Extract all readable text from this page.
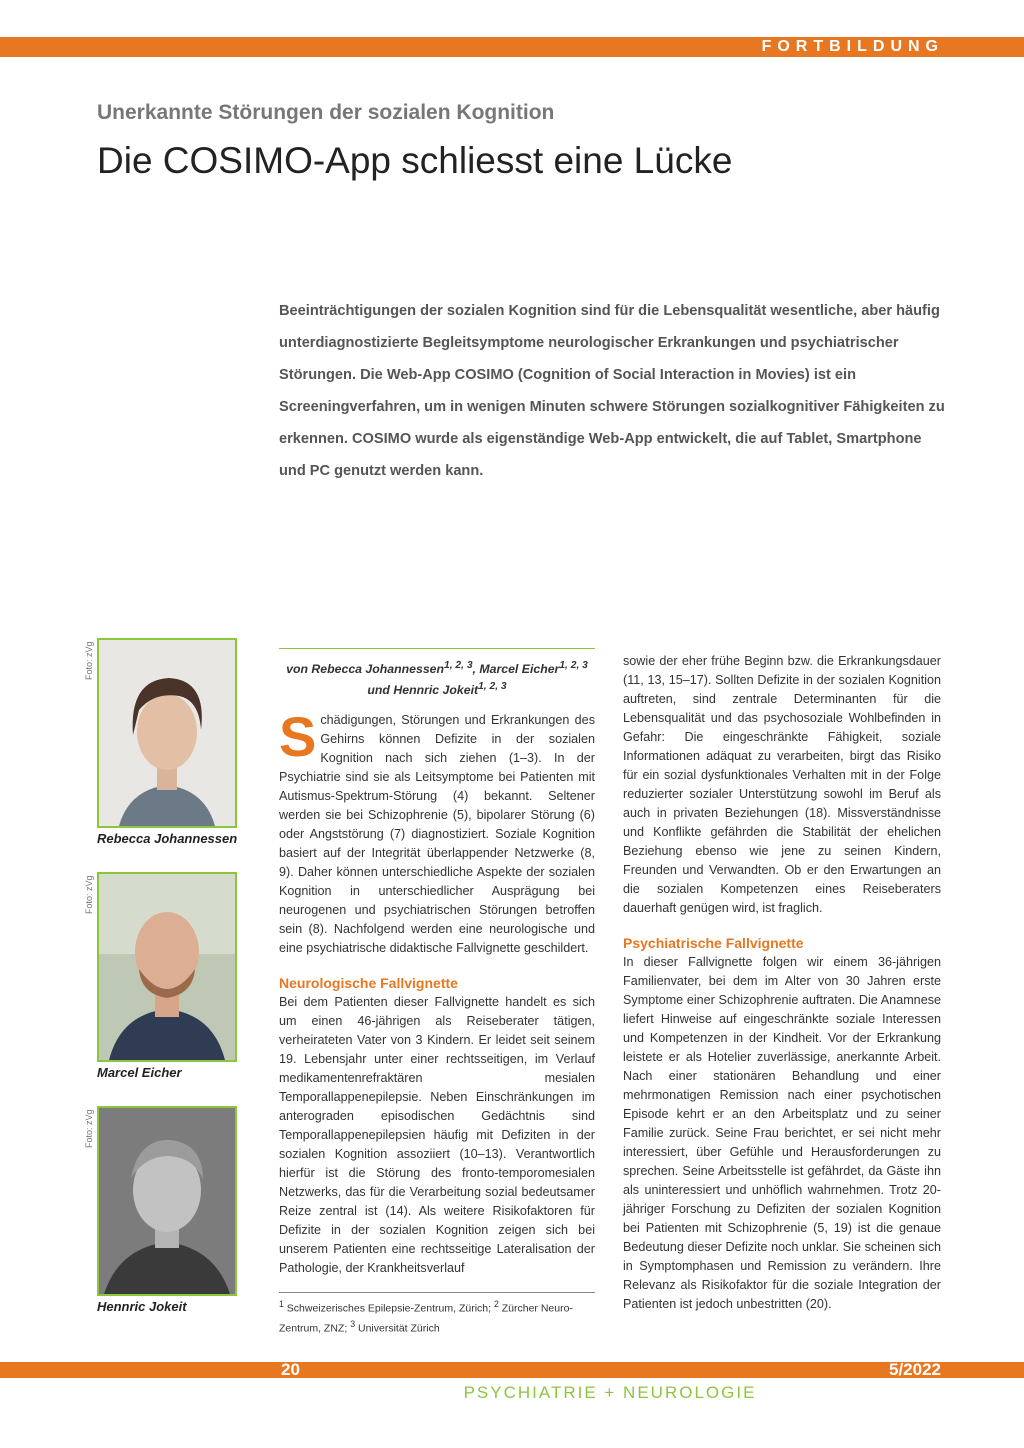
FORTBILDUNG
Unerkannte Störungen der sozialen Kognition
Die COSIMO-App schliesst eine Lücke

Beeinträchtigungen der sozialen Kognition sind für die Lebensqualität wesentliche, aber häufig unterdiagnostizierte Begleitsymptome neurologischer Erkrankungen und psychiatrischer Störungen. Die Web-App COSIMO (Cognition of Social Interaction in Movies) ist ein Screeningverfahren, um in wenigen Minuten schwere Störungen sozialkognitiver Fähigkeiten zu erkennen. COSIMO wurde als eigenständige Web-App entwickelt, die auf Tablet, Smartphone und PC genutzt werden kann.

Foto: zVg
Rebecca Johannessen
Foto: zVg
Marcel Eicher
Foto: zVg
Hennric Jokeit
von Rebecca Johannessen$^{1, 2, 3}$, Marcel Eicher$^{1, 2, 3}$
und Hennric Jokeit$^{1, 2, 3}$

Schädigungen, Störungen und Erkrankungen des Gehirns können Defizite in der sozialen Kognition nach sich ziehen (1–3). In der Psychiatrie sind sie als Leitsymptome bei Patienten mit Autismus-Spektrum-Störung (4) bekannt. Seltener werden sie bei Schizophrenie (5), bipolarer Störung (6) oder Angststörung (7) diagnostiziert. Soziale Kognition basiert auf der Integrität überlappender Netzwerke (8, 9). Daher können unterschiedliche Aspekte der sozialen Kognition in unterschiedlicher Ausprägung bei neurogenen und psychiatrischen Störungen betroffen sein (8). Nachfolgend werden eine neurologische und eine psychiatrische didaktische Fallvignette geschildert.

Neurologische Fallvignette

Bei dem Patienten dieser Fallvignette handelt es sich um einen 46-jährigen als Reiseberater tätigen, verheirateten Vater von 3 Kindern. Er leidet seit seinem 19. Lebensjahr unter einer rechtsseitigen, im Verlauf medikamentenrefraktären mesialen Temporallappenepilepsie. Neben Einschränkungen im anterograden episodischen Gedächtnis sind Temporallappenepilepsien häufig mit Defiziten in der sozialen Kognition assoziiert (10–13). Verantwortlich hierfür ist die Störung des fronto-temporomesialen Netzwerks, das für die Verarbeitung sozial bedeutsamer Reize zentral ist (14). Als weitere Risikofaktoren für Defizite in der sozialen Kognition zeigen sich bei unserem Patienten eine rechtsseitige Lateralisation der Pathologie, der Krankheitsverlauf

$^1$ Schweizerisches Epilepsie-Zentrum, Zürich; $^2$ Zürcher Neuro-Zentrum, ZNZ; $^3$ Universität Zürich

sowie der eher frühe Beginn bzw. die Erkrankungsdauer (11, 13, 15–17). Sollten Defizite in der sozialen Kognition auftreten, sind zentrale Determinanten für die Lebensqualität und das psychosoziale Wohlbefinden in Gefahr: Die eingeschränkte Fähigkeit, soziale Informationen adäquat zu verarbeiten, birgt das Risiko für ein sozial dysfunktionales Verhalten mit in der Folge reduzierter sozialer Unterstützung sowohl im Beruf als auch in privaten Beziehungen (18). Missverständnisse und Konflikte gefährden die Stabilität der ehelichen Beziehung ebenso wie jene zu seinen Kindern, Freunden und Verwandten. Ob er den Erwartungen an die sozialen Kompetenzen eines Reiseberaters dauerhaft genügen wird, ist fraglich.

Psychiatrische Fallvignette

In dieser Fallvignette folgen wir einem 36-jährigen Familienvater, bei dem im Alter von 30 Jahren erste Symptome einer Schizophrenie auftraten. Die Anamnese liefert Hinweise auf eingeschränkte soziale Interessen und Kompetenzen in der Kindheit. Vor der Erkrankung leistete er als Hotelier zuverlässige, anerkannte Arbeit. Nach einer stationären Behandlung und einer mehrmonatigen Remission nach einer psychotischen Episode kehrt er an den Arbeitsplatz und zu seiner Familie zurück. Seine Frau berichtet, er sei nicht mehr interessiert, über Gefühle und Herausforderungen zu sprechen. Seine Arbeitsstelle ist gefährdet, da Gäste ihn als uninteressiert und unhöflich wahrnehmen. Trotz 20-jähriger Forschung zu Defiziten der sozialen Kognition bei Patienten mit Schizophrenie (5, 19) ist die genaue Bedeutung dieser Defizite noch unklar. Sie scheinen sich in Symptomphasen und Remission zu verändern. Ihre Relevanz als Risikofaktor für die soziale Integration der Patienten ist jedoch unbestritten (20).

20	5/2022
PSYCHIATRIE + NEUROLOGIE
